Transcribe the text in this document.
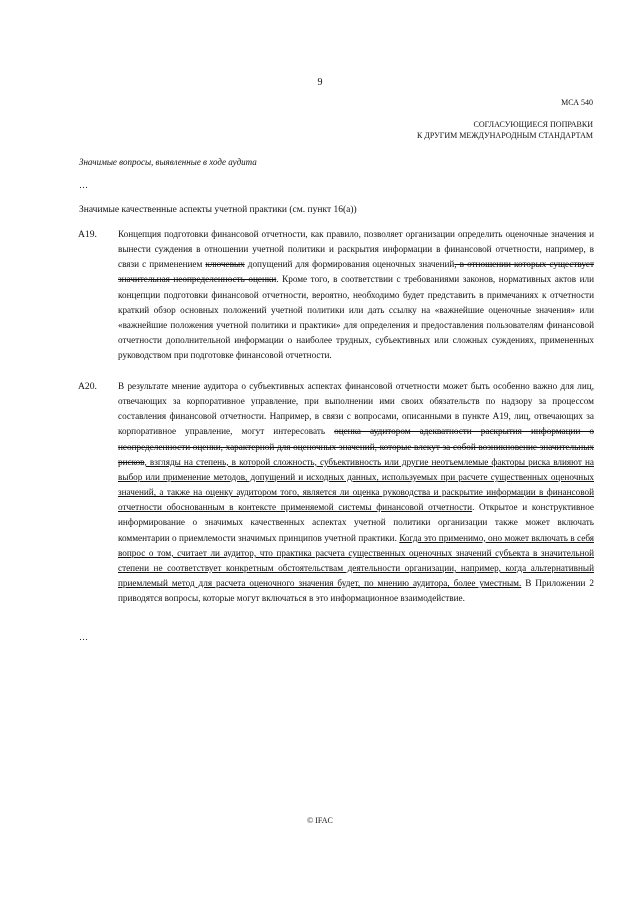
9
МСА 540
СОГЛАСУЮЩИЕСЯ ПОПРАВКИ
К ДРУГИМ МЕЖДУНАРОДНЫМ СТАНДАРТАМ
Значимые вопросы, выявленные в ходе аудита
…
Значимые качественные аспекты учетной практики (см. пункт 16(а))
А19. Концепция подготовки финансовой отчетности, как правило, позволяет организации определить оценочные значения и вынести суждения в отношении учетной политики и раскрытия информации в финансовой отчетности, например, в связи с применением ключевых допущений для формирования оценочных значений, в отношении которых существует значительная неопределенность оценки. Кроме того, в соответствии с требованиями законов, нормативных актов или концепции подготовки финансовой отчетности, вероятно, необходимо будет представить в примечаниях к отчетности краткий обзор основных положений учетной политики или дать ссылку на «важнейшие оценочные значения» или «важнейшие положения учетной политики и практики» для определения и предоставления пользователям финансовой отчетности дополнительной информации о наиболее трудных, субъективных или сложных суждениях, примененных руководством при подготовке финансовой отчетности.
А20. В результате мнение аудитора о субъективных аспектах финансовой отчетности может быть особенно важно для лиц, отвечающих за корпоративное управление, при выполнении ими своих обязательств по надзору за процессом составления финансовой отчетности. Например, в связи с вопросами, описанными в пункте А19, лиц, отвечающих за корпоративное управление, могут интересовать оценка аудитором адекватности раскрытия информации о неопределенности оценки, характерной для оценочных значений, которые влекут за собой возникновение значительных рисков, взгляды на степень, в которой сложность, субъективность или другие неотъемлемые факторы риска влияют на выбор или применение методов, допущений и исходных данных, используемых при расчете существенных оценочных значений, а также на оценку аудитором того, является ли оценка руководства и раскрытие информации в финансовой отчетности обоснованным в контексте применяемой системы финансовой отчетности. Открытое и конструктивное информирование о значимых качественных аспектах учетной политики организации также может включать комментарии о приемлемости значимых принципов учетной практики. Когда это применимо, оно может включать в себя вопрос о том, считает ли аудитор, что практика расчета существенных оценочных значений субъекта в значительной степени не соответствует конкретным обстоятельствам деятельности организации, например, когда альтернативный приемлемый метод для расчета оценочного значения будет, по мнению аудитора, более уместным. В Приложении 2 приводятся вопросы, которые могут включаться в это информационное взаимодействие.
…
© IFAC
